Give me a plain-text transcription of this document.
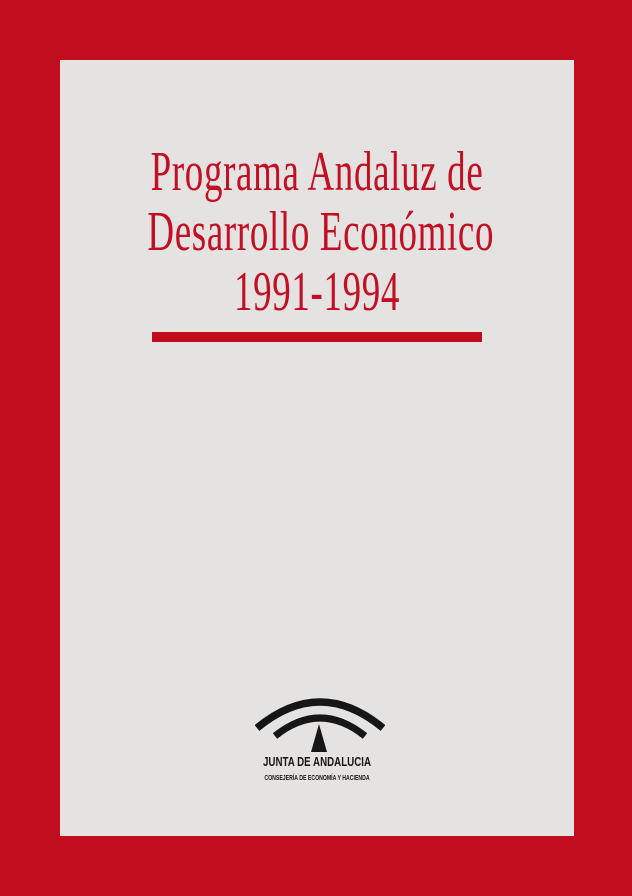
Programa Andaluz de
Desarrollo Económico
1991-1994
JUNTA DE ANDALUCIA
CONSEJERÍA DE ECONOMÍA Y HACIENDA
